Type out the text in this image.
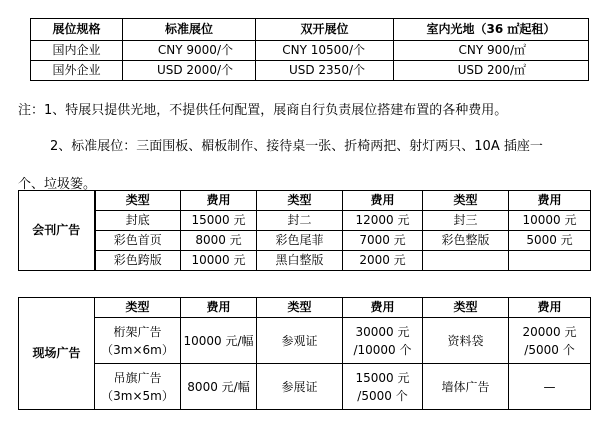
展位规格	标准展位	双开展位	室内光地（36 ㎡起租）
国内企业	CNY 9000/个	CNY 10500/个	CNY 900/㎡
国外企业	USD 2000/个	USD 2350/个	USD 200/㎡
注：1、特展只提供光地，不提供任何配置，展商自行负责展位搭建布置的各种费用。
2、标准展位：三面围板、楣板制作、接待桌一张、折椅两把、射灯两只、10A 插座一
个、垃圾篓。
会刊广告	类型	费用	类型	费用	类型	费用
	封底	15000 元	封二	12000 元	封三	10000 元
	彩色首页	8000 元	彩色尾菲	7000 元	彩色整版	5000 元
	彩色跨版	10000 元	黑白整版	2000 元		
现场广告	类型	费用	类型	费用	类型	费用
	桁架广告
（3m×6m）	10000 元/幅	参观证	30000 元
/10000 个	资料袋	20000 元
/5000 个
	吊旗广告
（3m×5m）	8000 元/幅	参展证	15000 元
/5000 个	墙体广告	—
